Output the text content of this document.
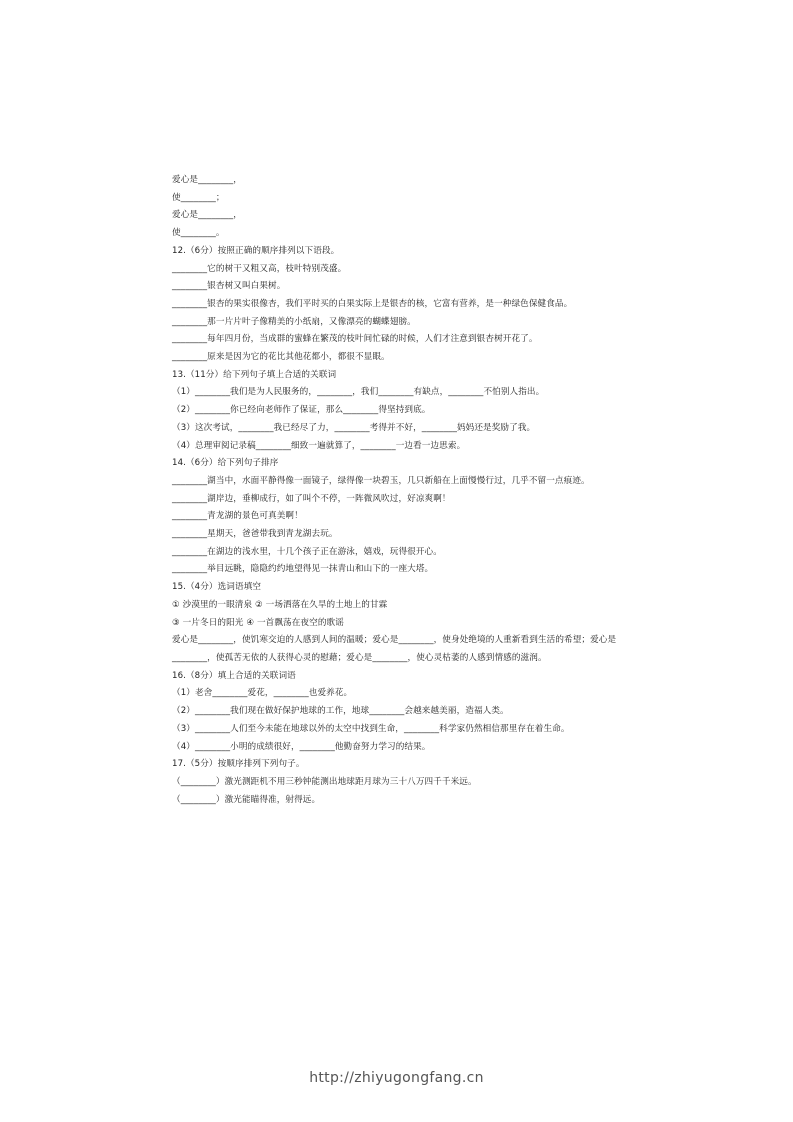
爱心是________，
使________；
爱心是________，
使________。
12.（6分）按照正确的顺序排列以下语段。
________它的树干又粗又高，枝叶特别茂盛。
________银杏树又叫白果树。
________银杏的果实很像杏，我们平时买的白果实际上是银杏的核，它富有营养，是一种绿色保健食品。
________那一片片叶子像精美的小纸扇，又像漂亮的蝴蝶翅膀。
________每年四月份，当成群的蜜蜂在繁茂的枝叶间忙碌的时候，人们才注意到银杏树开花了。
________原来是因为它的花比其他花都小，都很不显眼。
13.（11分）给下列句子填上合适的关联词
（1）________我们是为人民服务的，________，我们________有缺点，________不怕别人指出。
（2）________你已经向老师作了保证，那么________得坚持到底。
（3）这次考试，________我已经尽了力，________考得并不好，________妈妈还是奖励了我。
（4）总理审阅记录稿________细致一遍就算了，________一边看一边思索。
14.（6分）给下列句子排序
________湖当中，水面平静得像一面镜子，绿得像一块碧玉，几只新船在上面慢慢行过，几乎不留一点痕迹。
________湖岸边，垂柳成行，如了叫个不停，一阵微风吹过，好凉爽啊！
________青龙湖的景色可真美啊！
________星期天，爸爸带我到青龙湖去玩。
________在湖边的浅水里，十几个孩子正在游泳，嬉戏，玩得很开心。
________举目远眺，隐隐约约地望得见一抹青山和山下的一座大塔。
15.（4分）选词语填空
① 沙漠里的一眼清泉 ② 一场洒落在久旱的土地上的甘霖
③ 一片冬日的阳光 ④ 一首飘荡在夜空的歌谣
爱心是________，使饥寒交迫的人感到人间的温暖；爱心是________，使身处绝境的人重新看到生活的希望；爱心是________，使孤苦无依的人获得心灵的慰藉；爱心是________，使心灵枯萎的人感到情感的滋润。
16.（8分）填上合适的关联词语
（1）老舍________爱花，________也爱养花。
（2）________我们现在做好保护地球的工作，地球________会越来越美丽，造福人类。
（3）________人们至今未能在地球以外的太空中找到生命，________科学家仍然相信那里存在着生命。
（4）________小明的成绩很好，________他勤奋努力学习的结果。
17.（5分）按顺序排列下列句子。
（________）激光测距机不用三秒钟能测出地球距月球为三十八万四千千米远。
（________）激光能瞄得准，射得远。
http://zhiyugongfang.cn
